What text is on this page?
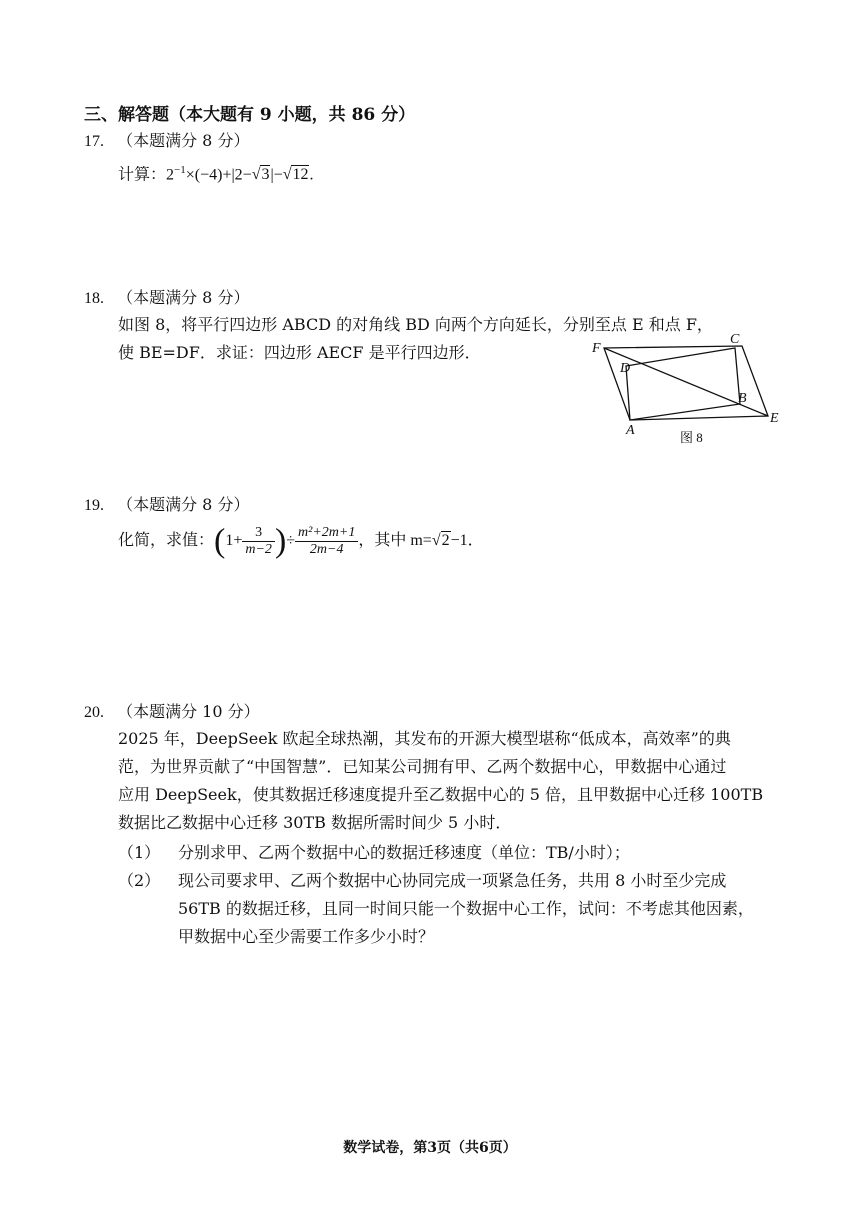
三、解答题（本大题有 9 小题，共 86 分）
17. （本题满分 8 分）
计算：$2^{-1}\times(-4)+|2-√3|-√12$.
18. （本题满分 8 分）
如图 8，将平行四边形 ABCD 的对角线 BD 向两个方向延长，分别至点 E 和点 F，
使 BE=DF．求证：四边形 AECF 是平行四边形．	F
C
D
B
A
E
图 8
19. （本题满分 8 分）
化简，求值：($1+ \frac{3}{m-2}$ )÷ $\frac{\text{m²+2m+1}}{2m-4}$ ，其中 m=√2−1．
20. （本题满分 10 分）
2025 年，DeepSeek 欧起全球热潮，其发布的开源大模型堪称“低成本，高效率”的典
范，为世界贡献了“中国智慧”．已知某公司拥有甲、乙两个数据中心，甲数据中心通过
应用 DeepSeek，使其数据迁移速度提升至乙数据中心的 5 倍，且甲数据中心迁移 100TB
数据比乙数据中心迁移 30TB 数据所需时间少 5 小时．
（1） 分别求甲、乙两个数据中心的数据迁移速度（单位：TB/小时）；
（2） 现公司要求甲、乙两个数据中心协同完成一项紧急任务，共用 8 小时至少完成
56TB 的数据迁移，且同一时间只能一个数据中心工作，试问：不考虑其他因素，
甲数据中心至少需要工作多少小时？
数学试卷，第3页（共6页）
